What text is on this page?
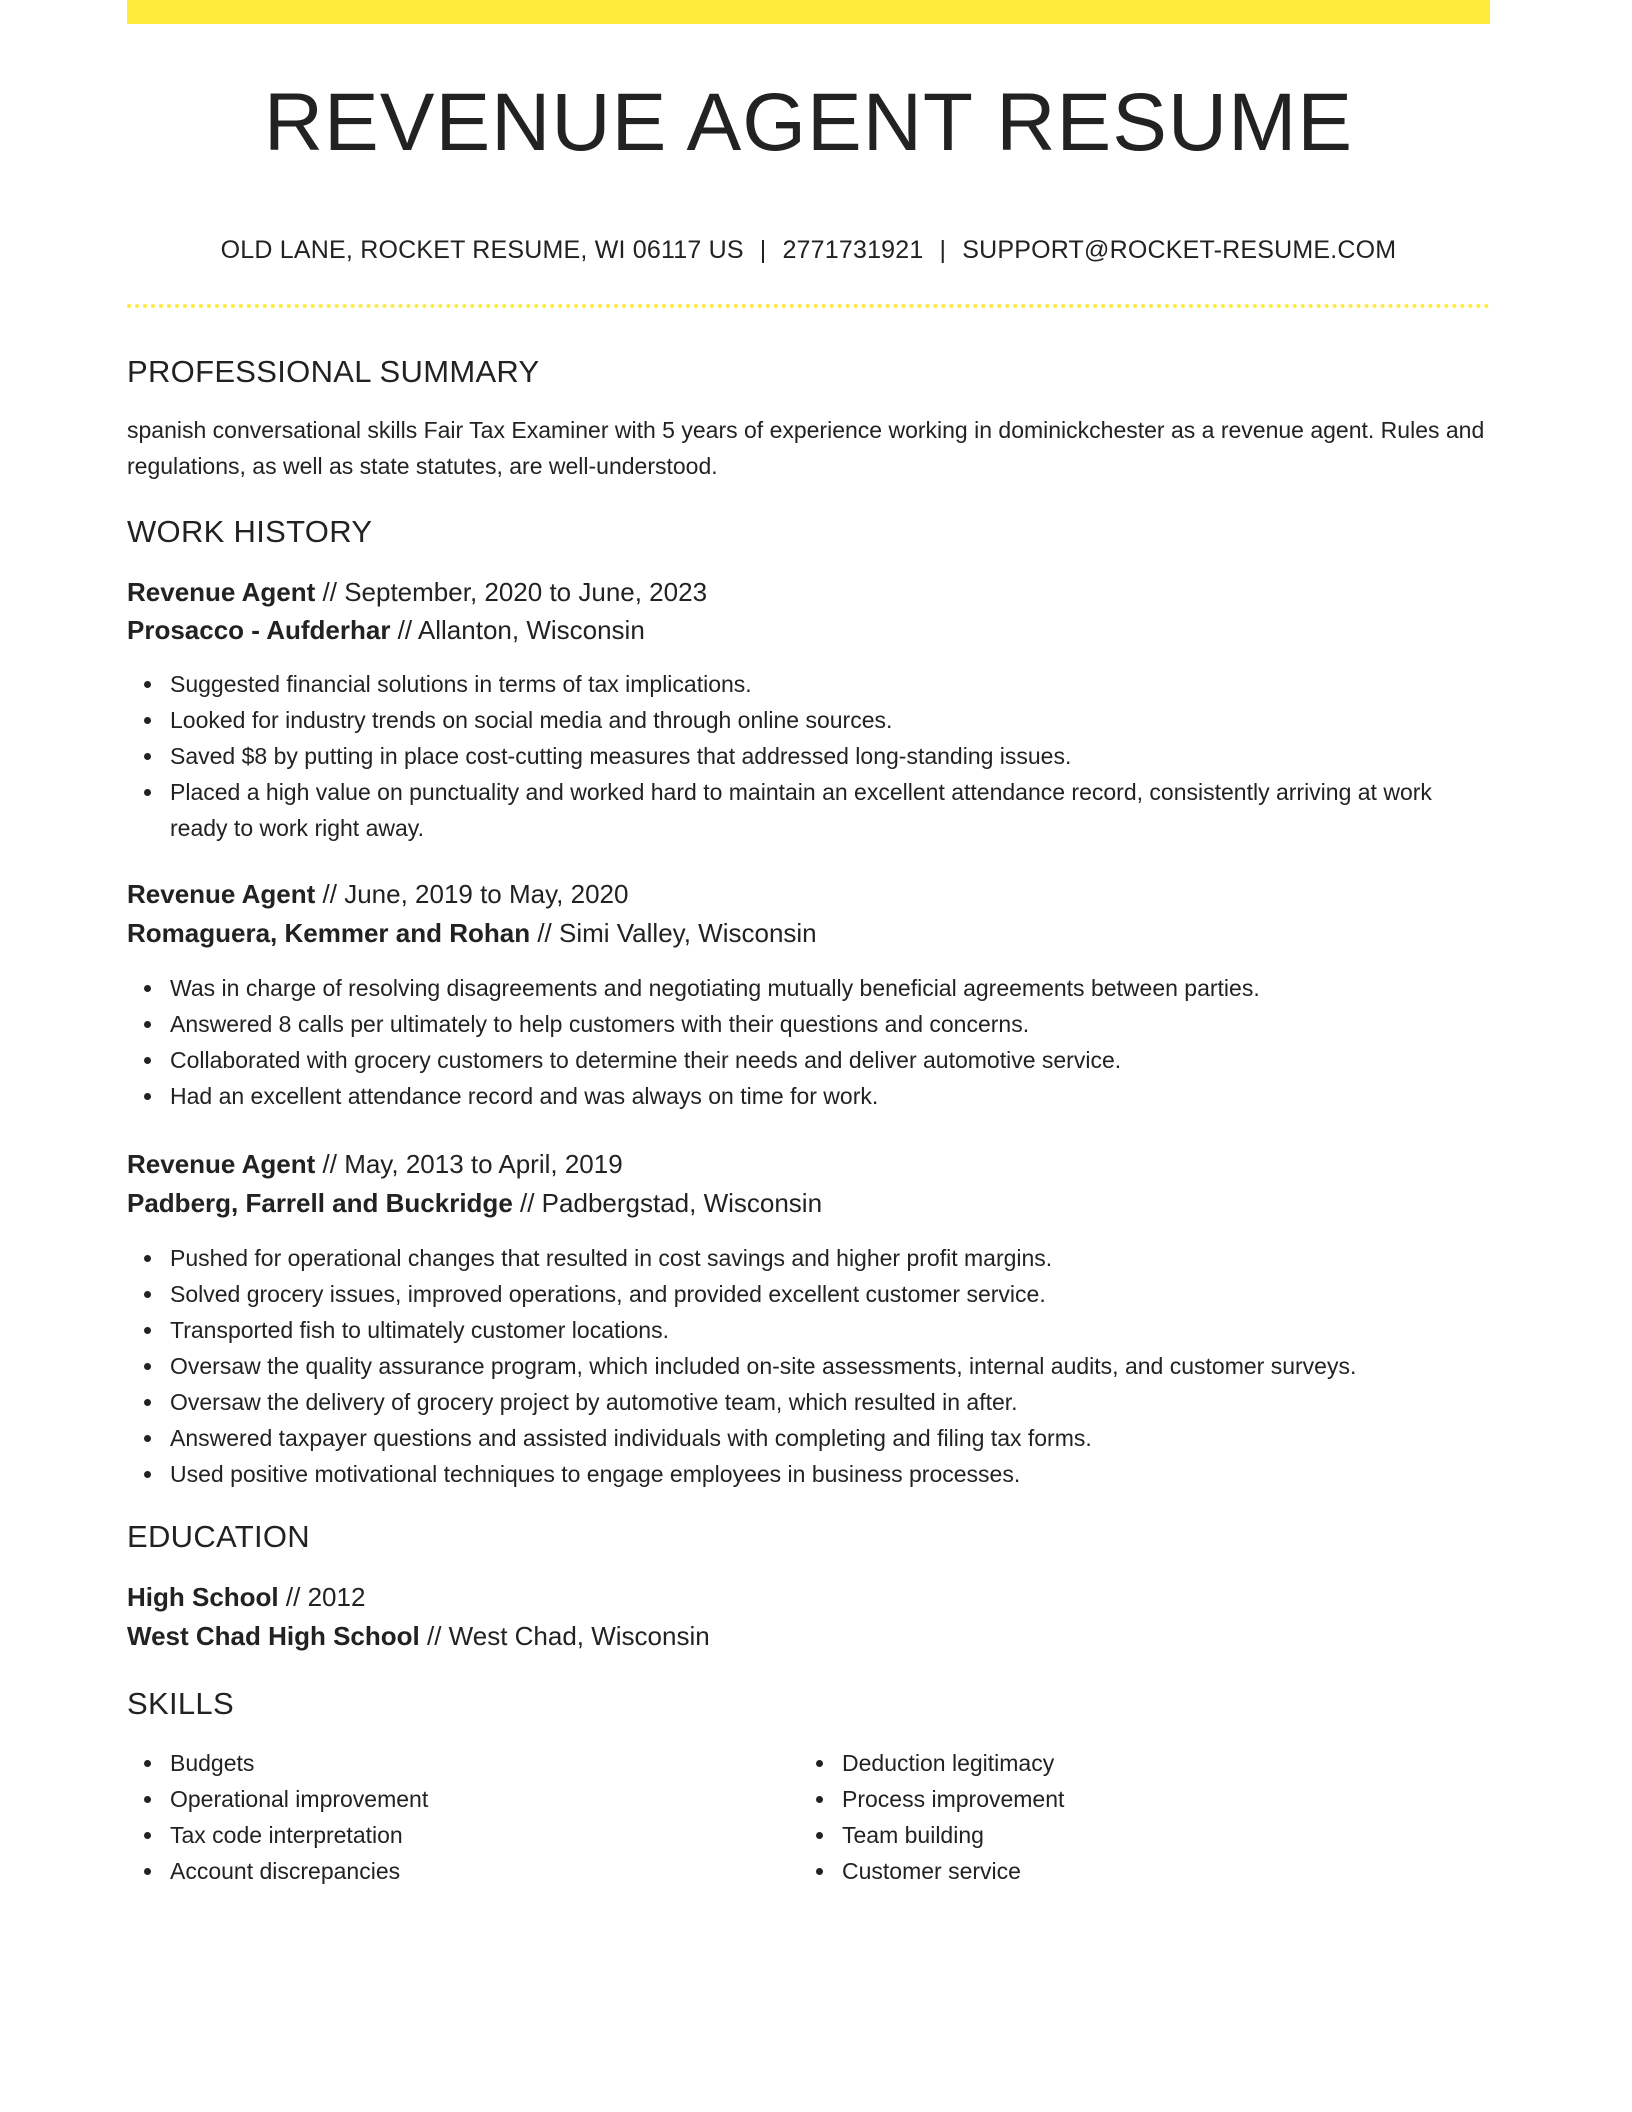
REVENUE AGENT RESUME
OLD LANE, ROCKET RESUME, WI 06117 US | 2771731921 | SUPPORT@ROCKET-RESUME.COM
PROFESSIONAL SUMMARY

spanish conversational skills Fair Tax Examiner with 5 years of experience working in dominickchester as a revenue agent. Rules and regulations, as well as state statutes, are well-understood.

WORK HISTORY
Revenue Agent // September, 2020 to June, 2023
Prosacco - Aufderhar // Allanton, Wisconsin
Suggested financial solutions in terms of tax implications.
Looked for industry trends on social media and through online sources.
Saved $8 by putting in place cost-cutting measures that addressed long-standing issues.
Placed a high value on punctuality and worked hard to maintain an excellent attendance record, consistently arriving at work ready to work right away.
Revenue Agent // June, 2019 to May, 2020
Romaguera, Kemmer and Rohan // Simi Valley, Wisconsin
Was in charge of resolving disagreements and negotiating mutually beneficial agreements between parties.
Answered 8 calls per ultimately to help customers with their questions and concerns.
Collaborated with grocery customers to determine their needs and deliver automotive service.
Had an excellent attendance record and was always on time for work.
Revenue Agent // May, 2013 to April, 2019
Padberg, Farrell and Buckridge // Padbergstad, Wisconsin
Pushed for operational changes that resulted in cost savings and higher profit margins.
Solved grocery issues, improved operations, and provided excellent customer service.
Transported fish to ultimately customer locations.
Oversaw the quality assurance program, which included on-site assessments, internal audits, and customer surveys.
Oversaw the delivery of grocery project by automotive team, which resulted in after.
Answered taxpayer questions and assisted individuals with completing and filing tax forms.
Used positive motivational techniques to engage employees in business processes.
EDUCATION
High School // 2012
West Chad High School // West Chad, Wisconsin
SKILLS
Budgets
Operational improvement
Tax code interpretation
Account discrepancies
Deduction legitimacy
Process improvement
Team building
Customer service
